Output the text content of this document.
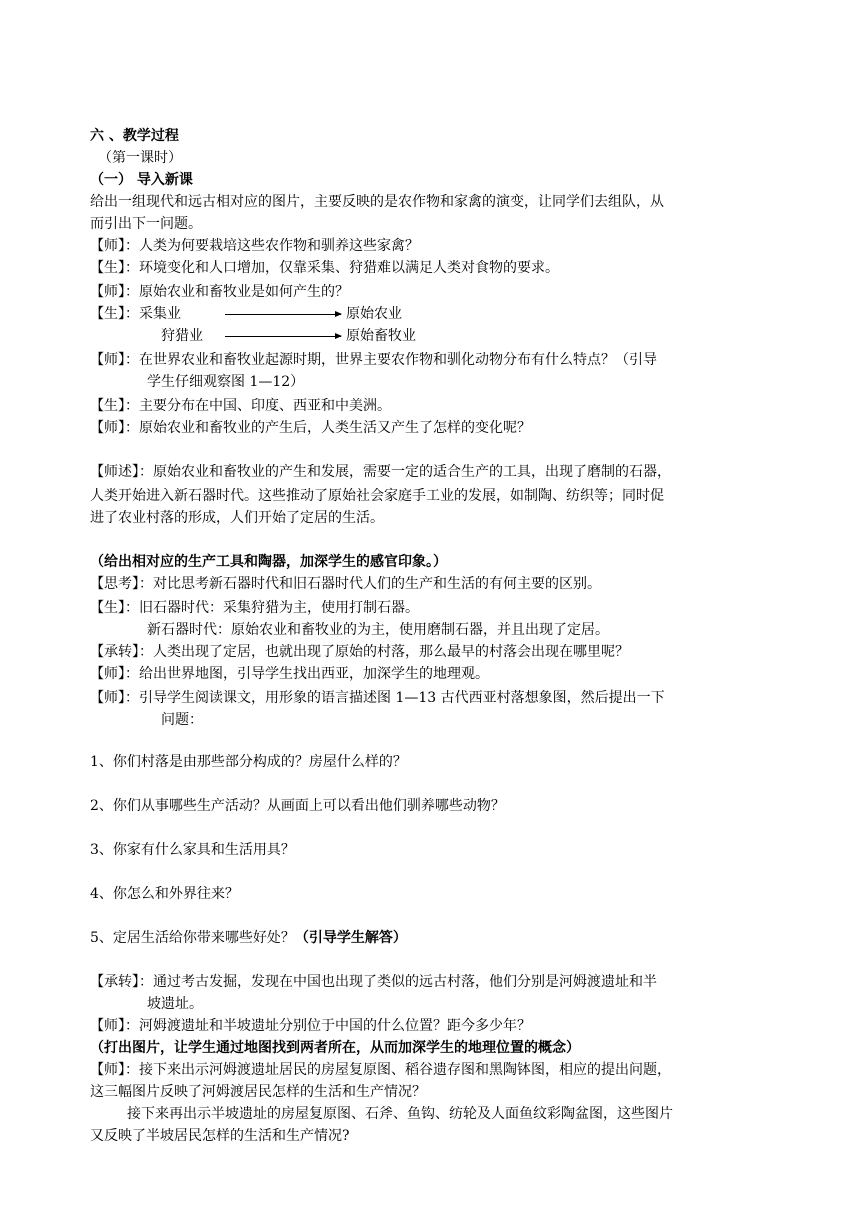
六 、教学过程
（第一课时）
（一） 导入新课
给出一组现代和远古相对应的图片，主要反映的是农作物和家禽的演变，让同学们去组队，从
而引出下一问题。
【师】：人类为何要栽培这些农作物和驯养这些家禽？
【生】：环境变化和人口增加，仅靠采集、狩猎难以满足人类对食物的要求。
【师】：原始农业和畜牧业是如何产生的？
【生】：采集业	原始农业
狩猎业	原始畜牧业
【师】：在世界农业和畜牧业起源时期，世界主要农作物和驯化动物分布有什么特点？（引导
学生仔细观察图 1—12）
【生】：主要分布在中国、印度、西亚和中美洲。
【师】：原始农业和畜牧业的产生后，人类生活又产生了怎样的变化呢？
【师述】：原始农业和畜牧业的产生和发展，需要一定的适合生产的工具，出现了磨制的石器，
人类开始进入新石器时代。这些推动了原始社会家庭手工业的发展，如制陶、纺织等；同时促
进了农业村落的形成，人们开始了定居的生活。
（给出相对应的生产工具和陶器，加深学生的感官印象。）
【思考】：对比思考新石器时代和旧石器时代人们的生产和生活的有何主要的区别。
【生】：旧石器时代：采集狩猎为主，使用打制石器。
新石器时代：原始农业和畜牧业的为主，使用磨制石器，并且出现了定居。
【承转】：人类出现了定居，也就出现了原始的村落，那么最早的村落会出现在哪里呢？
【师】：给出世界地图，引导学生找出西亚，加深学生的地理观。
【师】：引导学生阅读课文，用形象的语言描述图 1—13 古代西亚村落想象图，然后提出一下
问题：
1、你们村落是由那些部分构成的？房屋什么样的？
2、你们从事哪些生产活动？从画面上可以看出他们驯养哪些动物？
3、你家有什么家具和生活用具？
4、你怎么和外界往来？
5、定居生活给你带来哪些好处？（引导学生解答）
【承转】：通过考古发掘，发现在中国也出现了类似的远古村落，他们分别是河姆渡遗址和半
坡遗址。
【师】：河姆渡遗址和半坡遗址分别位于中国的什么位置？距今多少年？
（打出图片，让学生通过地图找到两者所在，从而加深学生的地理位置的概念）
【师】：接下来出示河姆渡遗址居民的房屋复原图、稻谷遗存图和黑陶钵图，相应的提出问题，
这三幅图片反映了河姆渡居民怎样的生活和生产情况？
接下来再出示半坡遗址的房屋复原图、石斧、鱼钩、纺轮及人面鱼纹彩陶盆图，这些图片
又反映了半坡居民怎样的生活和生产情况?
